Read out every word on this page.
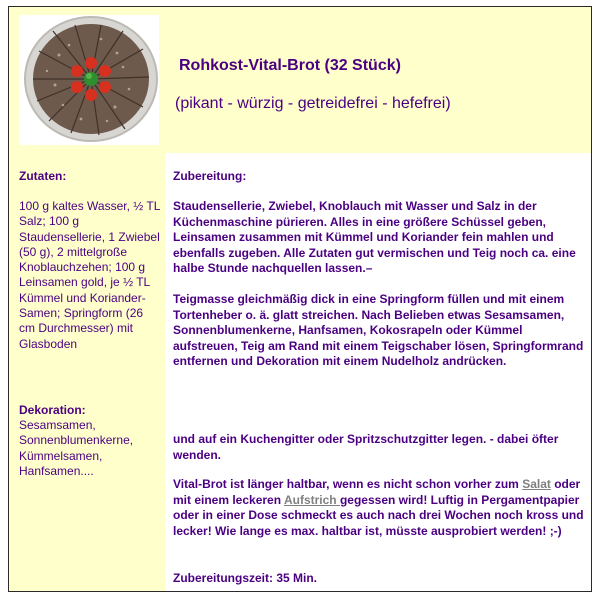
Rohkost-Vital-Brot (32 Stück)
(pikant - würzig - getreidefrei - hefefrei)
Zutaten:
100 g kaltes Wasser, ½ TL Salz; 100 g Staudensellerie, 1 Zwiebel (50 g), 2 mittelgroße Knoblauchzehen; 100 g Leinsamen gold, je ½ TL Kümmel und Koriander-Samen; Springform (26 cm Durchmesser) mit Glasboden
Dekoration:
Sesamsamen, Sonnenblumenkerne, Kümmelsamen, Hanfsamen....

Zubereitung:

Staudensellerie, Zwiebel, Knoblauch mit Wasser und Salz in der Küchenmaschine pürieren. Alles in eine größere Schüssel geben, Leinsamen zusammen mit Kümmel und Koriander fein mahlen und ebenfalls zugeben. Alle Zutaten gut vermischen und Teig noch ca. eine halbe Stunde nachquellen lassen.–

Teigmasse gleichmäßig dick in eine Springform füllen und mit einem Tortenheber o. ä. glatt streichen. Nach Belieben etwas Sesamsamen, Sonnenblumenkerne, Hanfsamen, Kokosrapeln oder Kümmel aufstreuen, Teig am Rand mit einem Teigschaber lösen, Springformrand entfernen und Dekoration mit einem Nudelholz andrücken.

und auf ein Kuchengitter oder Spritzschutzgitter legen. - dabei öfter wenden.

Vital-Brot ist länger haltbar, wenn es nicht schon vorher zum Salat oder mit einem leckeren Aufstrich gegessen wird! Luftig in Pergamentpapier oder in einer Dose schmeckt es auch nach drei Wochen noch kross und lecker! Wie lange es max. haltbar ist, müsste ausprobiert werden! ;-)

Zubereitungszeit: 35 Min.
